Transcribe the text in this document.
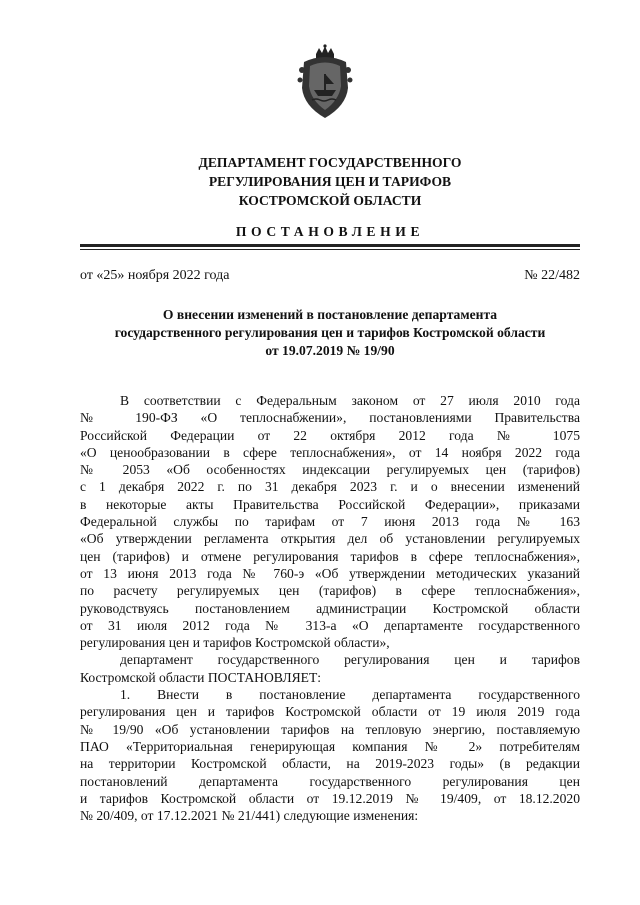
ДЕПАРТАМЕНТ ГОСУДАРСТВЕННОГО
РЕГУЛИРОВАНИЯ ЦЕН И ТАРИФОВ
КОСТРОМСКОЙ ОБЛАСТИ
ПОСТАНОВЛЕНИЕ
от «25» ноября 2022 года	№ 22/482
О внесении изменений в постановление департамента
государственного регулирования цен и тарифов Костромской области
от 19.07.2019 № 19/90
В соответствии с Федеральным законом от 27 июля 2010 года
№ 190-ФЗ «О теплоснабжении», постановлениями Правительства
Российской Федерации от 22 октября 2012 года № 1075
«О ценообразовании в сфере теплоснабжения», от 14 ноября 2022 года
№ 2053 «Об особенностях индексации регулируемых цен (тарифов)
с 1 декабря 2022 г. по 31 декабря 2023 г. и о внесении изменений
в некоторые акты Правительства Российской Федерации», приказами
Федеральной службы по тарифам от 7 июня 2013 года № 163
«Об утверждении регламента открытия дел об установлении регулируемых
цен (тарифов) и отмене регулирования тарифов в сфере теплоснабжения»,
от 13 июня 2013 года № 760-э «Об утверждении методических указаний
по расчету регулируемых цен (тарифов) в сфере теплоснабжения»,
руководствуясь постановлением администрации Костромской области
от 31 июля 2012 года № 313-а «О департаменте государственного
регулирования цен и тарифов Костромской области»,
департамент государственного регулирования цен и тарифов
Костромской области ПОСТАНОВЛЯЕТ:
1. Внести в постановление департамента государственного
регулирования цен и тарифов Костромской области от 19 июля 2019 года
№ 19/90 «Об установлении тарифов на тепловую энергию, поставляемую
ПАО «Территориальная генерирующая компания № 2» потребителям
на территории Костромской области, на 2019-2023 годы» (в редакции
постановлений департамента государственного регулирования цен
и тарифов Костромской области от 19.12.2019 № 19/409, от 18.12.2020
№ 20/409, от 17.12.2021 № 21/441) следующие изменения:
